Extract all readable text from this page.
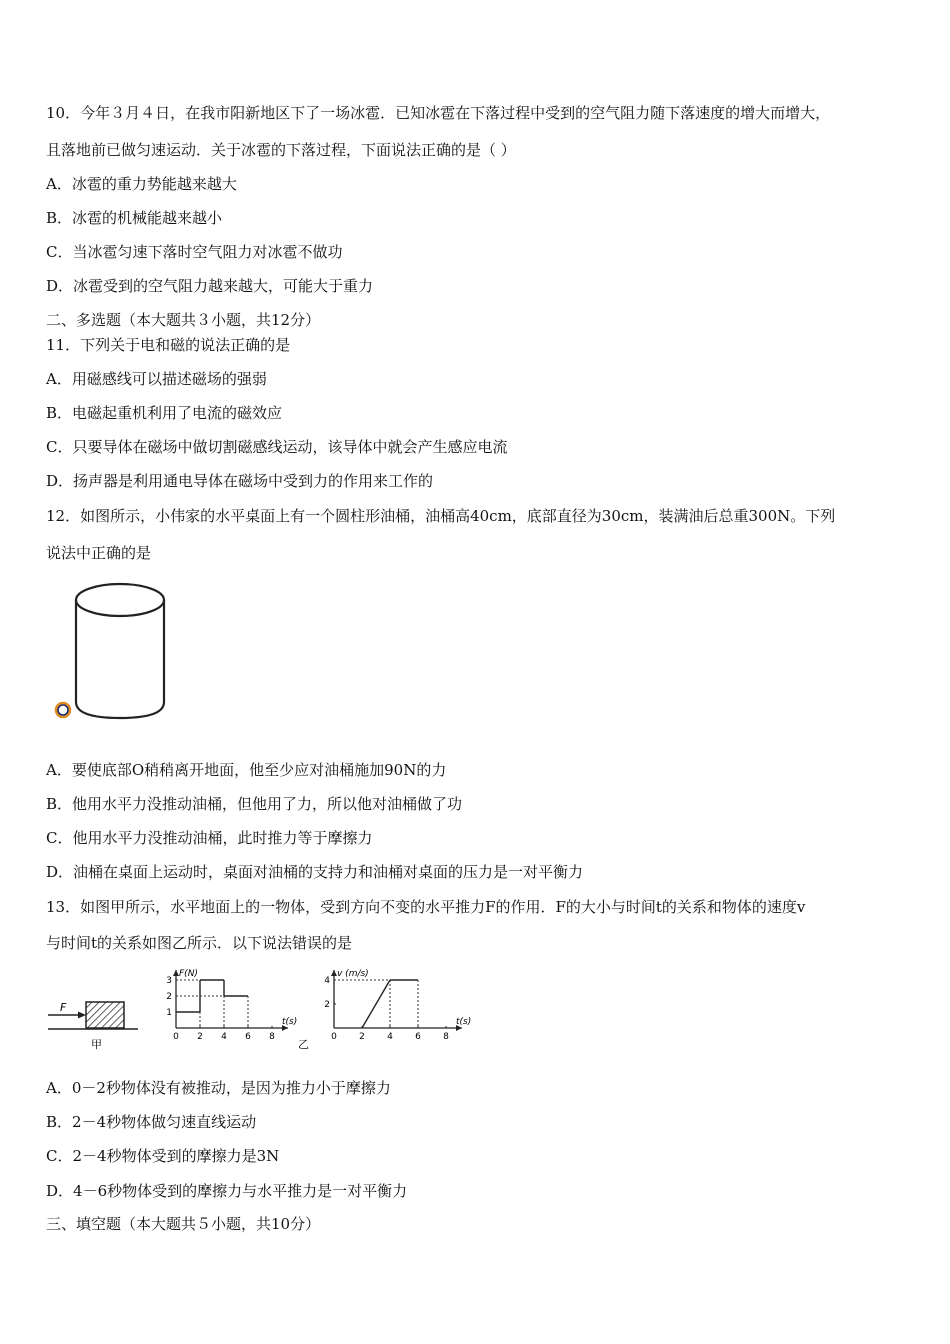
10．今年３月４日，在我市阳新地区下了一场冰雹．已知冰雹在下落过程中受到的空气阻力随下落速度的增大而增大，
且落地前已做匀速运动．关于冰雹的下落过程，下面说法正确的是（ ）
A．冰雹的重力势能越来越大
B．冰雹的机械能越来越小
C．当冰雹匀速下落时空气阻力对冰雹不做功
D．冰雹受到的空气阻力越来越大，可能大于重力
二、多选题（本大题共３小题，共12分）
11．下列关于电和磁的说法正确的是
A．用磁感线可以描述磁场的强弱
B．电磁起重机利用了电流的磁效应
C．只要导体在磁场中做切割磁感线运动，该导体中就会产生感应电流
D．扬声器是利用通电导体在磁场中受到力的作用来工作的
12．如图所示，小伟家的水平桌面上有一个圆柱形油桶，油桶高40cm，底部直径为30cm，装满油后总重300N。下列
说法中正确的是
A．要使底部O稍稍离开地面，他至少应对油桶施加90N的力
B．他用水平力没推动油桶，但他用了力，所以他对油桶做了功
C．他用水平力没推动油桶，此时推力等于摩擦力
D．油桶在桌面上运动时，桌面对油桶的支持力和油桶对桌面的压力是一对平衡力
13．如图甲所示，水平地面上的一物体，受到方向不变的水平推力F的作用．F的大小与时间t的关系和物体的速度v
与时间t的关系如图乙所示．以下说法错误的是
F
甲
0 2 4 6 8
1
2
3
F(N)
t(s)
0 2 4 6 8
2
4
v (m/s)
t(s)
乙
A．0－2秒物体没有被推动，是因为推力小于摩擦力
B．2－4秒物体做匀速直线运动
C．2－4秒物体受到的摩擦力是3N
D．4－6秒物体受到的摩擦力与水平推力是一对平衡力
三、填空题（本大题共５小题，共10分）
